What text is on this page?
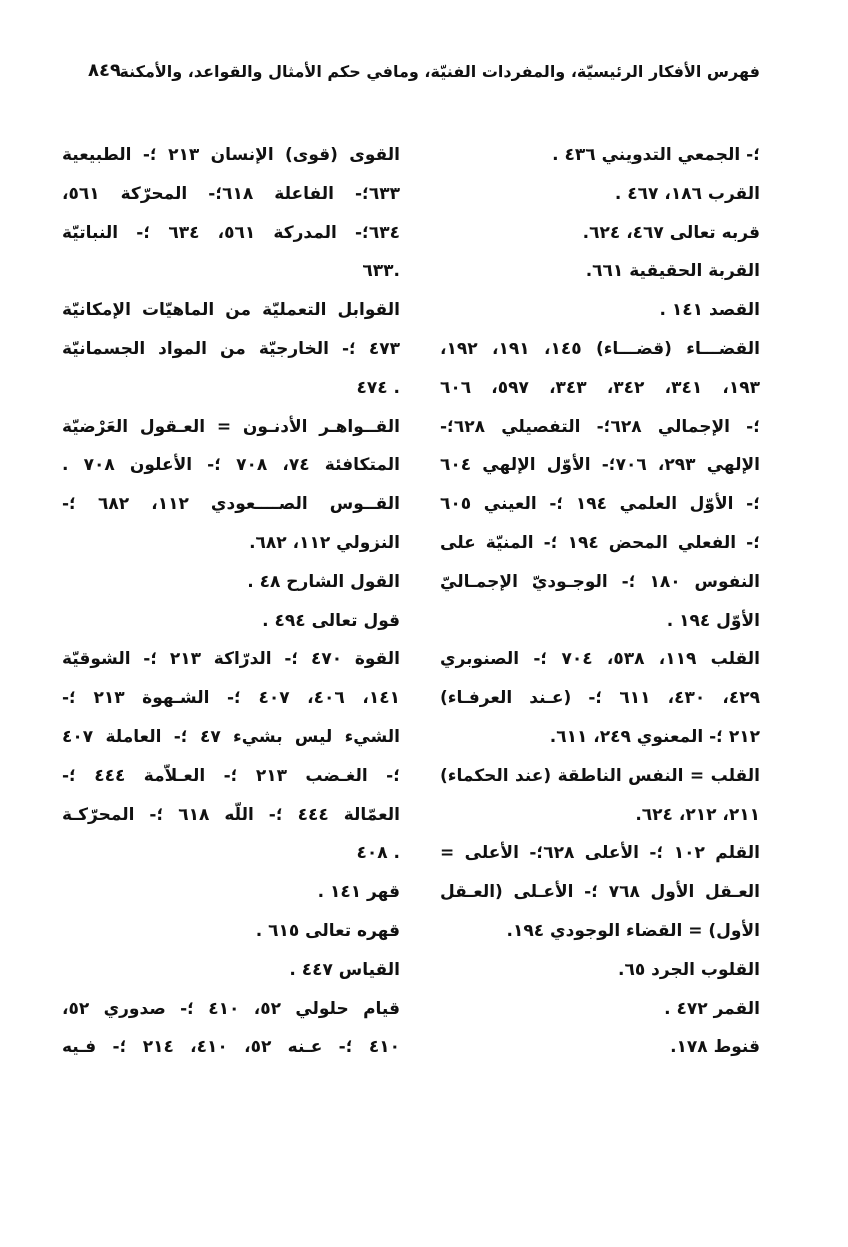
فهرس الأفكار الرئيسيّة، والمفردات الفنيّة، ومافي حكم الأمثال والقواعد، والأمكنة
٨٤٩
؛- الجمعي التدويني ٤٣٦ .
القرب ١٨٦، ٤٦٧ .
قربه تعالى ٤٦٧، ٦٢٤.
القربة الحقيقية ٦٦١.
القصد ١٤١ .
القضـــاء (قضـــاء) ١٤٥، ١٩١، ١٩٢،
١٩٣، ٣٤١، ٣٤٢، ٣٤٣، ٥٩٧، ٦٠٦
؛- الإجمالي ٦٢٨؛- التفصيلي ٦٢٨؛-
الإلهي ٢٩٣، ٧٠٦؛- الأوّل الإلهي ٦٠٤
؛- الأوّل العلمي ١٩٤ ؛- العيني ٦٠٥
؛- الفعلي المحض ١٩٤ ؛- المنيّة على
النفوس ١٨٠ ؛- الوجـوديّ الإجمـاليّ
الأوّل ١٩٤ .
القلب ١١٩، ٥٣٨، ٧٠٤ ؛- الصنوبري
٤٢٩، ٤٣٠، ٦١١ ؛- (عـند العرفـاء)
٢١٢ ؛- المعنوي ٢٤٩، ٦١١.
القلب = النفس الناطقة (عند الحكماء)
٢١١، ٢١٢، ٦٢٤.
القلم ١٠٢ ؛- الأعلى ٦٢٨؛- الأعلى =
العـقل الأول ٧٦٨ ؛- الأعـلى (العـقل
الأول) = القضاء الوجودي ١٩٤.
القلوب الجرد ٦٥.
القمر ٤٧٢ .
قنوط ١٧٨.
القوى (قوى) الإنسان ٢١٣ ؛- الطبيعية
٦٣٣؛- الفاعلة ٦١٨؛- المحرّكة ٥٦١،
٦٣٤؛- المدركة ٥٦١، ٦٣٤ ؛- النباتيّة
.٦٣٣
القوابل التعمليّة من الماهيّات الإمكانيّة
٤٧٣ ؛- الخارجيّة من المواد الجسمانيّة
. ٤٧٤
القــواهـر الأدنـون = العـقول العَرْضيّة
المتكافئة ٧٤، ٧٠٨ ؛- الأعلون ٧٠٨ .
القــوس الصــــعودي ١١٢، ٦٨٢ ؛-
النزولي ١١٢، ٦٨٢.
القول الشارح ٤٨ .
قول تعالى ٤٩٤ .
القوة ٤٧٠ ؛- الدرّاكة ٢١٣ ؛- الشوقيّة
١٤١، ٤٠٦، ٤٠٧ ؛- الشـهوة ٢١٣ ؛-
الشيء ليس بشيء ٤٧ ؛- العاملة ٤٠٧
؛- الغـضب ٢١٣ ؛- العـلاّمة ٤٤٤ ؛-
العمّالة ٤٤٤ ؛- اللّه ٦١٨ ؛- المحرّكـة
. ٤٠٨
قهر ١٤١ .
قهره تعالى ٦١٥ .
القياس ٤٤٧ .
قيام حلولي ٥٢، ٤١٠ ؛- صدوري ٥٢،
٤١٠ ؛- عـنه ٥٢، ٤١٠، ٢١٤ ؛- فـيه
